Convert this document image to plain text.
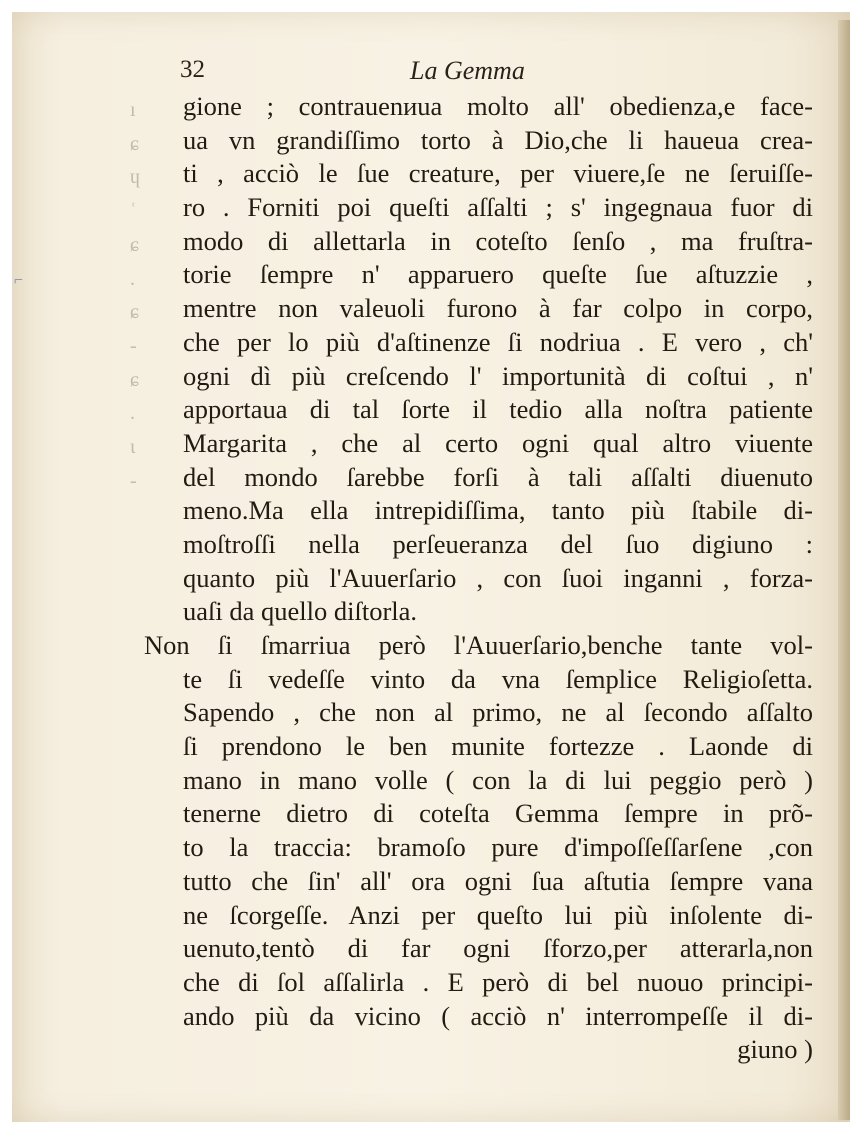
ı
ɕ
ɥ
ʿ
ɕ
.
ɕ
-
ɕ
.
ɩ
-
⌐
32	La Gemma
gione ; contrauenиua molto all' obedienza,e face-
ua vn grandiſſimo torto à Dio,che li haueua crea-
ti , acciò le ſue creature, per viuere,ſe ne ſeruiſſe-
ro . Forniti poi queſti aſſalti ; s' ingegnaua fuor di
modo di allettarla in coteſto ſenſo , ma fruſtra-
torie ſempre n' apparuero queſte ſue aſtuzzie ,
mentre non valeuoli furono à far colpo in corpo,
che per lo più d'aſtinenze ſi nodriua . E vero , ch'
ogni dì più creſcendo l' importunità di coſtui , n'
apportaua di tal ſorte il tedio alla noſtra patiente
Margarita , che al certo ogni qual altro viuente
del mondo ſarebbe forſi à tali aſſalti diuenuto
meno.Ma ella intrepidiſſima, tanto più ſtabile di-
moſtroſſi nella perſeueranza del ſuo digiuno :
quanto più l'Auuerſario , con ſuoi inganni , forza-
uaſi da quello diſtorla.
Non ſi ſmarriua però l'Auuerſario,benche tante vol-
te ſi vedeſſe vinto da vna ſemplice Religioſetta.
Sapendo , che non al primo, ne al ſecondo aſſalto
ſi prendono le ben munite fortezze . Laonde di
mano in mano volle ( con la di lui peggio però )
tenerne dietro di coteſta Gemma ſempre in prõ-
to la traccia: bramoſo pure d'impoſſeſſarſene ,con
tutto che ſin' all' ora ogni ſua aſtutia ſempre vana
ne ſcorgeſſe. Anzi per queſto lui più inſolente di-
uenuto,tentò di far ogni ſforzo,per atterarla,non
che di ſol aſſalirla . E però di bel nuouo principi-
ando più da vicino ( acciò n' interrompeſſe il di-
giuno )
